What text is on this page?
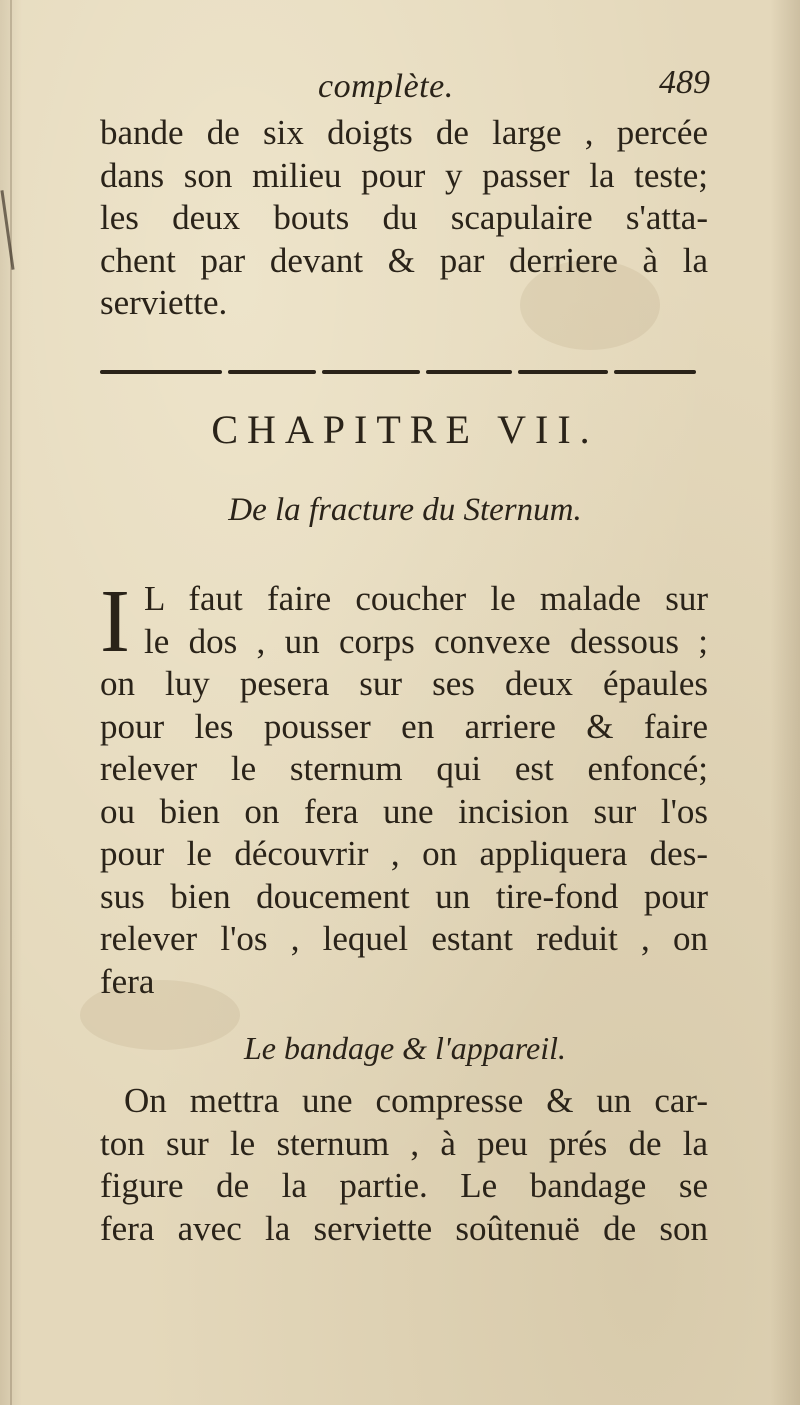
complète.	489
bande de six doigts de large , percée
dans son milieu pour y passer la teste;
les deux bouts du scapulaire s'atta-
chent par devant & par derriere à la
serviette.
CHAPITRE VII.
De la fracture du Sternum.
I L faut faire coucher le malade sur
le dos , un corps convexe dessous ;
on luy pesera sur ses deux épaules
pour les pousser en arriere & faire
relever le sternum qui est enfoncé;
ou bien on fera une incision sur l'os
pour le découvrir , on appliquera des-
sus bien doucement un tire-fond pour
relever l'os , lequel estant reduit , on
fera
Le bandage & l'appareil.
On mettra une compresse & un car-
ton sur le sternum , à peu prés de la
figure de la partie. Le bandage se
fera avec la serviette soûtenuë de son
